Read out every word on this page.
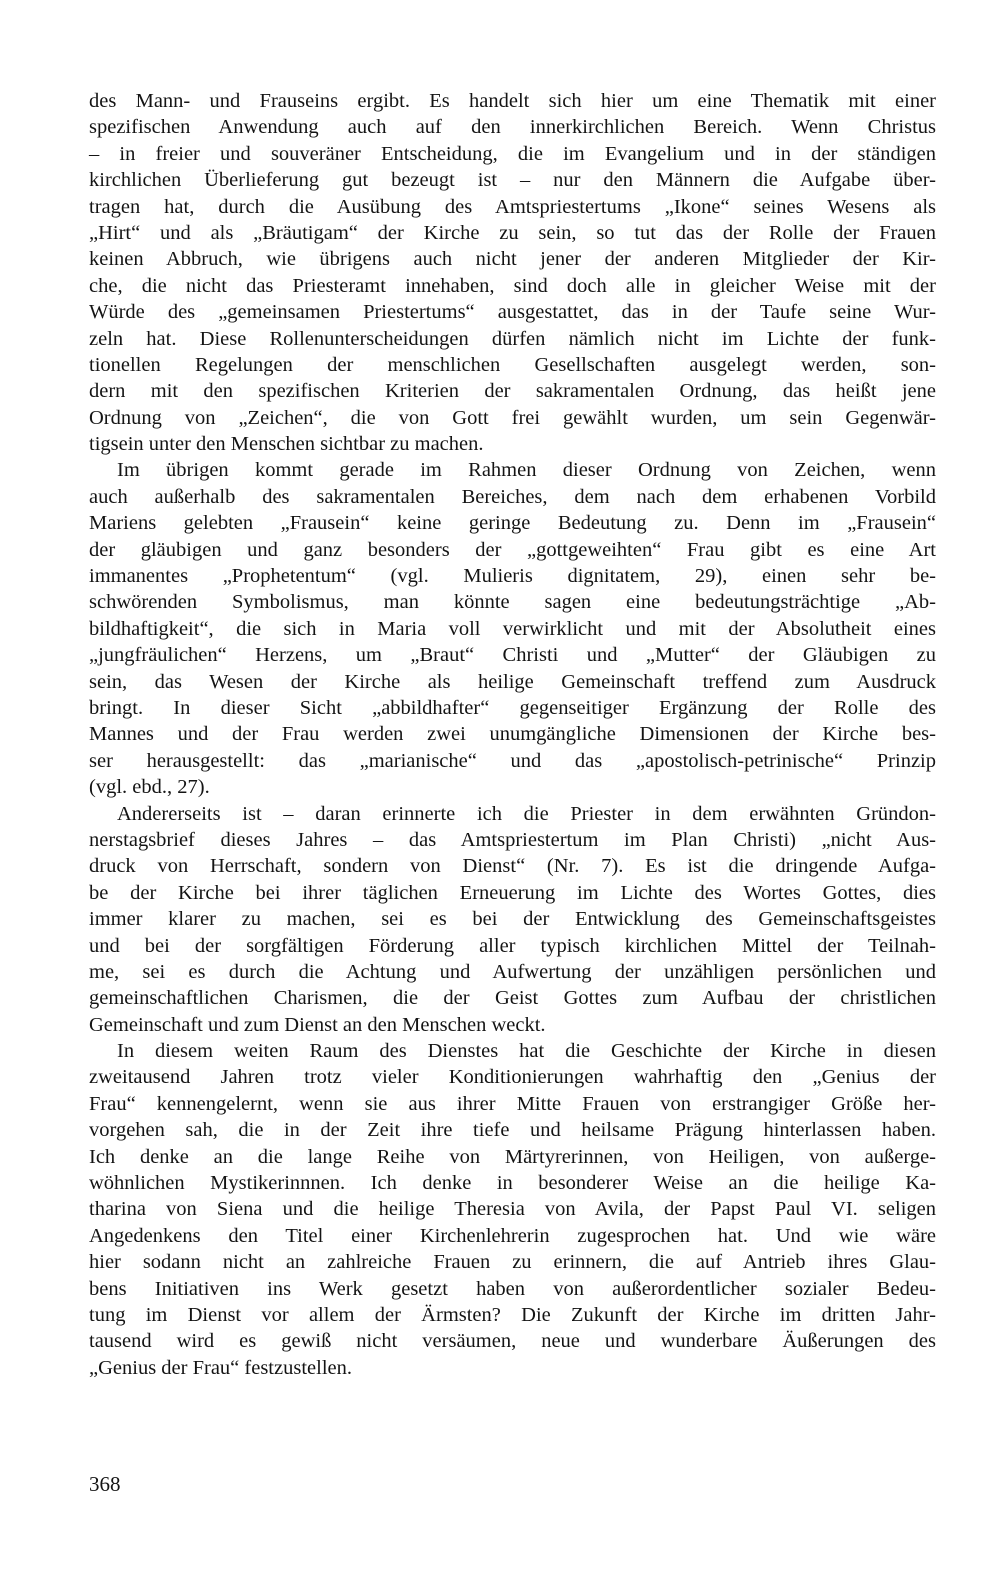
des Mann- und Frauseins ergibt. Es handelt sich hier um eine Thematik mit einer
spezifischen Anwendung auch auf den innerkirchlichen Bereich. Wenn Christus
– in freier und souveräner Entscheidung, die im Evangelium und in der ständigen
kirchlichen Überlieferung gut bezeugt ist – nur den Männern die Aufgabe über-
tragen hat, durch die Ausübung des Amtspriestertums „Ikone“ seines Wesens als
„Hirt“ und als „Bräutigam“ der Kirche zu sein, so tut das der Rolle der Frauen
keinen Abbruch, wie übrigens auch nicht jener der anderen Mitglieder der Kir-
che, die nicht das Priesteramt innehaben, sind doch alle in gleicher Weise mit der
Würde des „gemeinsamen Priestertums“ ausgestattet, das in der Taufe seine Wur-
zeln hat. Diese Rollenunterscheidungen dürfen nämlich nicht im Lichte der funk-
tionellen Regelungen der menschlichen Gesellschaften ausgelegt werden, son-
dern mit den spezifischen Kriterien der sakramentalen Ordnung, das heißt jene
Ordnung von „Zeichen“, die von Gott frei gewählt wurden, um sein Gegenwär-
tigsein unter den Menschen sichtbar zu machen.
Im übrigen kommt gerade im Rahmen dieser Ordnung von Zeichen, wenn
auch außerhalb des sakramentalen Bereiches, dem nach dem erhabenen Vorbild
Mariens gelebten „Frausein“ keine geringe Bedeutung zu. Denn im „Frausein“
der gläubigen und ganz besonders der „gottgeweihten“ Frau gibt es eine Art
immanentes „Prophetentum“ (vgl. Mulieris dignitatem, 29), einen sehr be-
schwörenden Symbolismus, man könnte sagen eine bedeutungsträchtige „Ab-
bildhaftigkeit“, die sich in Maria voll verwirklicht und mit der Absolutheit eines
„jungfräulichen“ Herzens, um „Braut“ Christi und „Mutter“ der Gläubigen zu
sein, das Wesen der Kirche als heilige Gemeinschaft treffend zum Ausdruck
bringt. In dieser Sicht „abbildhafter“ gegenseitiger Ergänzung der Rolle des
Mannes und der Frau werden zwei unumgängliche Dimensionen der Kirche bes-
ser herausgestellt: das „marianische“ und das „apostolisch-petrinische“ Prinzip
(vgl. ebd., 27).
Andererseits ist – daran erinnerte ich die Priester in dem erwähnten Gründon-
nerstagsbrief dieses Jahres – das Amtspriestertum im Plan Christi) „nicht Aus-
druck von Herrschaft, sondern von Dienst“ (Nr. 7). Es ist die dringende Aufga-
be der Kirche bei ihrer täglichen Erneuerung im Lichte des Wortes Gottes, dies
immer klarer zu machen, sei es bei der Entwicklung des Gemeinschaftsgeistes
und bei der sorgfältigen Förderung aller typisch kirchlichen Mittel der Teilnah-
me, sei es durch die Achtung und Aufwertung der unzähligen persönlichen und
gemeinschaftlichen Charismen, die der Geist Gottes zum Aufbau der christlichen
Gemeinschaft und zum Dienst an den Menschen weckt.
In diesem weiten Raum des Dienstes hat die Geschichte der Kirche in diesen
zweitausend Jahren trotz vieler Konditionierungen wahrhaftig den „Genius der
Frau“ kennengelernt, wenn sie aus ihrer Mitte Frauen von erstrangiger Größe her-
vorgehen sah, die in der Zeit ihre tiefe und heilsame Prägung hinterlassen haben.
Ich denke an die lange Reihe von Märtyrerinnen, von Heiligen, von außerge-
wöhnlichen Mystikerinnnen. Ich denke in besonderer Weise an die heilige Ka-
tharina von Siena und die heilige Theresia von Avila, der Papst Paul VI. seligen
Angedenkens den Titel einer Kirchenlehrerin zugesprochen hat. Und wie wäre
hier sodann nicht an zahlreiche Frauen zu erinnern, die auf Antrieb ihres Glau-
bens Initiativen ins Werk gesetzt haben von außerordentlicher sozialer Bedeu-
tung im Dienst vor allem der Ärmsten? Die Zukunft der Kirche im dritten Jahr-
tausend wird es gewiß nicht versäumen, neue und wunderbare Äußerungen des
„Genius der Frau“ festzustellen.
368
